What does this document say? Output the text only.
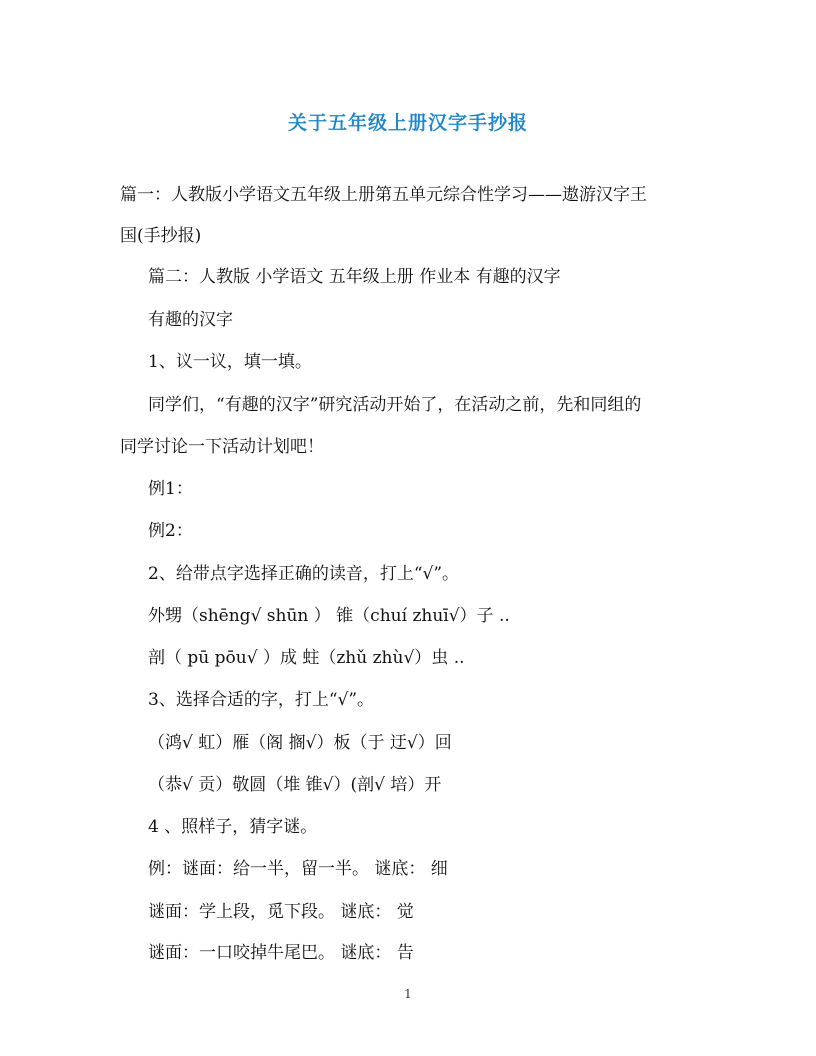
关于五年级上册汉字手抄报
篇一：人教版小学语文五年级上册第五单元综合性学习——遨游汉字王
国(手抄报)
篇二：人教版 小学语文 五年级上册 作业本 有趣的汉字
有趣的汉字
1、议一议，填一填。
同学们，“有趣的汉字”研究活动开始了，在活动之前，先和同组的
同学讨论一下活动计划吧！
例1：
例2：
2、给带点字选择正确的读音，打上“√”。
外甥（shēng√ shūn ） 锥（chuí zhuī√）子 ..
剖（ pū pōu√ ）成 蛀（zhǔ zhù√）虫 ..
3、选择合适的字，打上“√”。
（鸿√ 虹）雁（阁 搁√）板（于 迂√）回
（恭√ 贡）敬圆（堆 锥√）(剖√ 培）开
4 、照样子，猜字谜。
例：谜面：给一半，留一半。 谜底： 细
谜面：学上段，觅下段。 谜底： 觉
谜面：一口咬掉牛尾巴。 谜底： 告
1
